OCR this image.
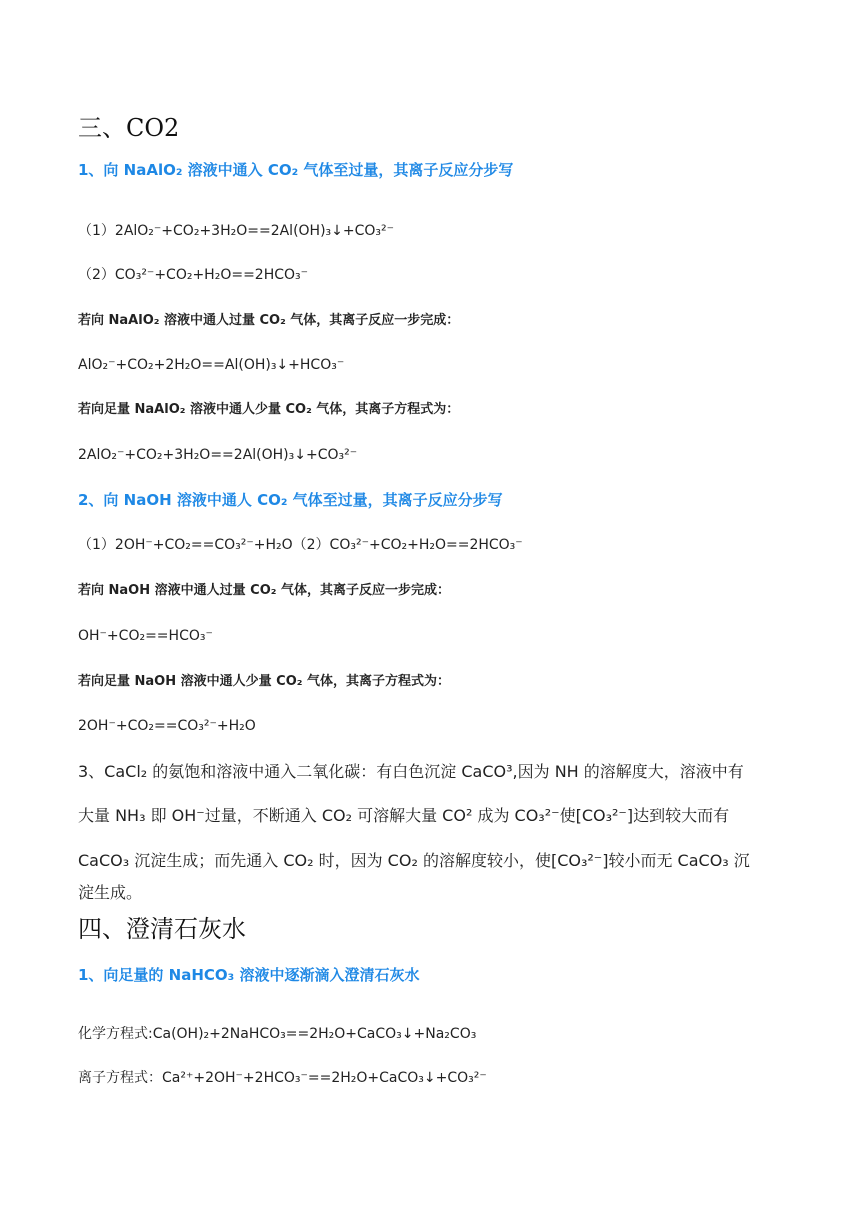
三、CO2
1、向 NaAlO₂ 溶液中通入 CO₂ 气体至过量，其离子反应分步写
（1）2AlO₂⁻+CO₂+3H₂O==2Al(OH)₃↓+CO₃²⁻
（2）CO₃²⁻+CO₂+H₂O==2HCO₃⁻
若向 NaAlO₂ 溶液中通人过量 CO₂ 气体，其离子反应一步完成：
AlO₂⁻+CO₂+2H₂O==Al(OH)₃↓+HCO₃⁻
若向足量 NaAlO₂ 溶液中通人少量 CO₂ 气体，其离子方程式为：
2AlO₂⁻+CO₂+3H₂O==2Al(OH)₃↓+CO₃²⁻
2、向 NaOH 溶液中通人 CO₂ 气体至过量，其离子反应分步写
（1）2OH⁻+CO₂==CO₃²⁻+H₂O（2）CO₃²⁻+CO₂+H₂O==2HCO₃⁻
若向 NaOH 溶液中通人过量 CO₂ 气体，其离子反应一步完成：
OH⁻+CO₂==HCO₃⁻
若向足量 NaOH 溶液中通人少量 CO₂ 气体，其离子方程式为：
2OH⁻+CO₂==CO₃²⁻+H₂O
3、CaCl₂ 的氨饱和溶液中通入二氧化碳：有白色沉淀 CaCO³,因为 NH 的溶解度大，溶液中有
大量 NH₃ 即 OH⁻过量，不断通入 CO₂ 可溶解大量 CO² 成为 CO₃²⁻使[CO₃²⁻]达到较大而有
CaCO₃ 沉淀生成；而先通入 CO₂ 时，因为 CO₂ 的溶解度较小，使[CO₃²⁻]较小而无 CaCO₃ 沉
淀生成。
四、澄清石灰水
1、向足量的 NaHCO₃ 溶液中逐渐滴入澄清石灰水
化学方程式:Ca(OH)₂+2NaHCO₃==2H₂O+CaCO₃↓+Na₂CO₃
离子方程式：Ca²⁺+2OH⁻+2HCO₃⁻==2H₂O+CaCO₃↓+CO₃²⁻
